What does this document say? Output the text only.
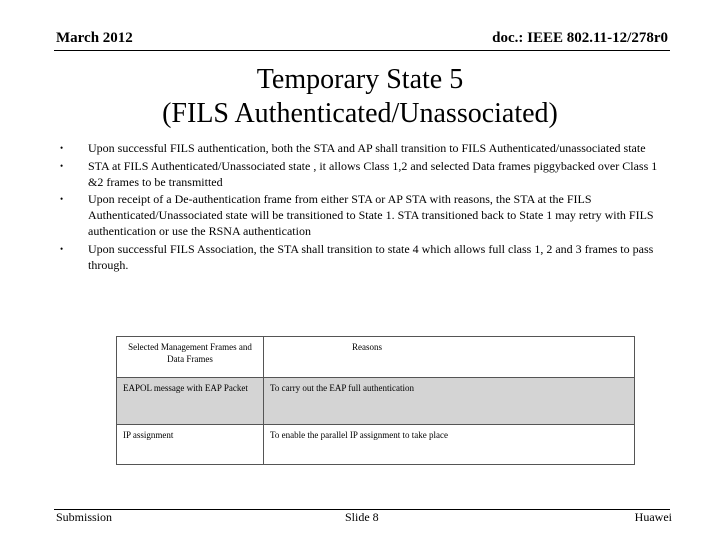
March 2012	doc.: IEEE 802.11-12/278r0
Temporary State 5
(FILS Authenticated/Unassociated)
• Upon successful FILS authentication, both the STA and AP shall transition to FILS Authenticated/unassociated state
• STA at FILS Authenticated/Unassociated state , it allows Class 1,2 and selected Data frames piggybacked over Class 1 &2 frames to be transmitted
• Upon receipt of a De-authentication frame from either STA or AP STA with reasons, the STA at the FILS Authenticated/Unassociated state will be transitioned to State 1. STA transitioned back to State 1 may retry with FILS authentication or use the RSNA authentication
• Upon successful FILS Association, the STA shall transition to state 4 which allows full class 1, 2 and 3 frames to pass through.
Selected Management Frames and Data Frames	Reasons
EAPOL message with EAP Packet	To carry out the EAP full authentication
IP assignment	To enable the parallel IP assignment to take place
Submission	Slide 8	Huawei
